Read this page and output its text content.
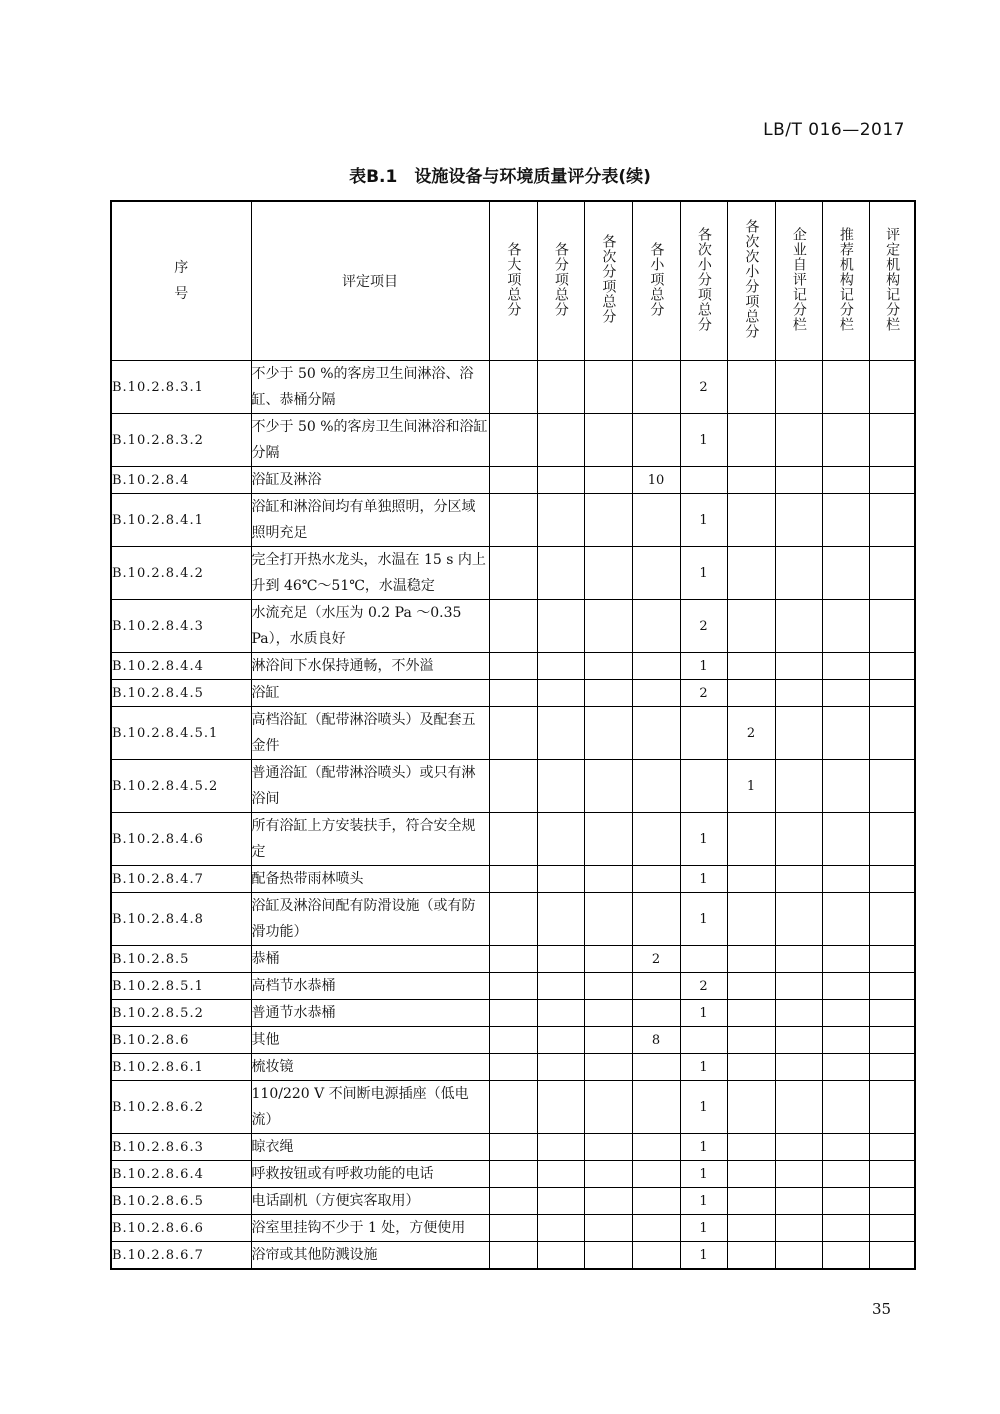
LB/T 016—2017
表B.1　设施设备与环境质量评分表(续)
序
号	评定项目	各大项总分	各分项总分	各次分项总分	各小项总分	各次小分项总分	各次次小分项总分	企业自评记分栏	推荐机构记分栏	评定机构记分栏
B.10.2.8.3.1	不少于 50 %的客房卫生间淋浴、浴缸、恭桶分隔					2				
B.10.2.8.3.2	不少于 50 %的客房卫生间淋浴和浴缸分隔					1				
B.10.2.8.4	浴缸及淋浴				10					
B.10.2.8.4.1	浴缸和淋浴间均有单独照明，分区域照明充足					1				
B.10.2.8.4.2	完全打开热水龙头，水温在 15 s 内上升到 46℃～51℃，水温稳定					1				
B.10.2.8.4.3	水流充足（水压为 0.2 Pa ～0.35 Pa），水质良好					2				
B.10.2.8.4.4	淋浴间下水保持通畅，不外溢					1				
B.10.2.8.4.5	浴缸					2				
B.10.2.8.4.5.1	高档浴缸（配带淋浴喷头）及配套五金件						2			
B.10.2.8.4.5.2	普通浴缸（配带淋浴喷头）或只有淋浴间						1			
B.10.2.8.4.6	所有浴缸上方安装扶手，符合安全规定					1				
B.10.2.8.4.7	配备热带雨林喷头					1				
B.10.2.8.4.8	浴缸及淋浴间配有防滑设施（或有防滑功能）					1				
B.10.2.8.5	恭桶				2					
B.10.2.8.5.1	高档节水恭桶					2				
B.10.2.8.5.2	普通节水恭桶					1				
B.10.2.8.6	其他				8					
B.10.2.8.6.1	梳妆镜					1				
B.10.2.8.6.2	110/220 V 不间断电源插座（低电流）					1				
B.10.2.8.6.3	晾衣绳					1				
B.10.2.8.6.4	呼救按钮或有呼救功能的电话					1				
B.10.2.8.6.5	电话副机（方便宾客取用）					1				
B.10.2.8.6.6	浴室里挂钩不少于 1 处，方便使用					1				
B.10.2.8.6.7	浴帘或其他防溅设施					1				
35
